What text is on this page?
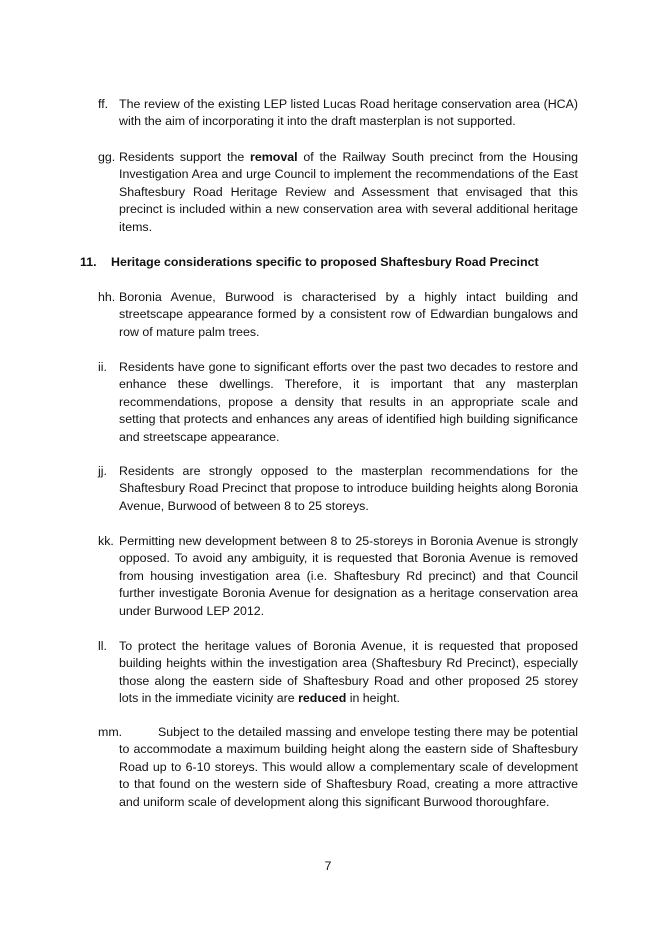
ff. The review of the existing LEP listed Lucas Road heritage conservation area (HCA) with the aim of incorporating it into the draft masterplan is not supported.
gg. Residents support the removal of the Railway South precinct from the Housing Investigation Area and urge Council to implement the recommendations of the East Shaftesbury Road Heritage Review and Assessment that envisaged that this precinct is included within a new conservation area with several additional heritage items.
11. Heritage considerations specific to proposed Shaftesbury Road Precinct
hh. Boronia Avenue, Burwood is characterised by a highly intact building and streetscape appearance formed by a consistent row of Edwardian bungalows and row of mature palm trees.
ii. Residents have gone to significant efforts over the past two decades to restore and enhance these dwellings. Therefore, it is important that any masterplan recommendations, propose a density that results in an appropriate scale and setting that protects and enhances any areas of identified high building significance and streetscape appearance.
jj. Residents are strongly opposed to the masterplan recommendations for the Shaftesbury Road Precinct that propose to introduce building heights along Boronia Avenue, Burwood of between 8 to 25 storeys.
kk. Permitting new development between 8 to 25-storeys in Boronia Avenue is strongly opposed. To avoid any ambiguity, it is requested that Boronia Avenue is removed from housing investigation area (i.e. Shaftesbury Rd precinct) and that Council further investigate Boronia Avenue for designation as a heritage conservation area under Burwood LEP 2012.
ll. To protect the heritage values of Boronia Avenue, it is requested that proposed building heights within the investigation area (Shaftesbury Rd Precinct), especially those along the eastern side of Shaftesbury Road and other proposed 25 storey lots in the immediate vicinity are reduced in height.
mm.	Subject to the detailed massing and envelope testing there may be potential to accommodate a maximum building height along the eastern side of Shaftesbury Road up to 6-10 storeys. This would allow a complementary scale of development to that found on the western side of Shaftesbury Road, creating a more attractive and uniform scale of development along this significant Burwood thoroughfare.
7
